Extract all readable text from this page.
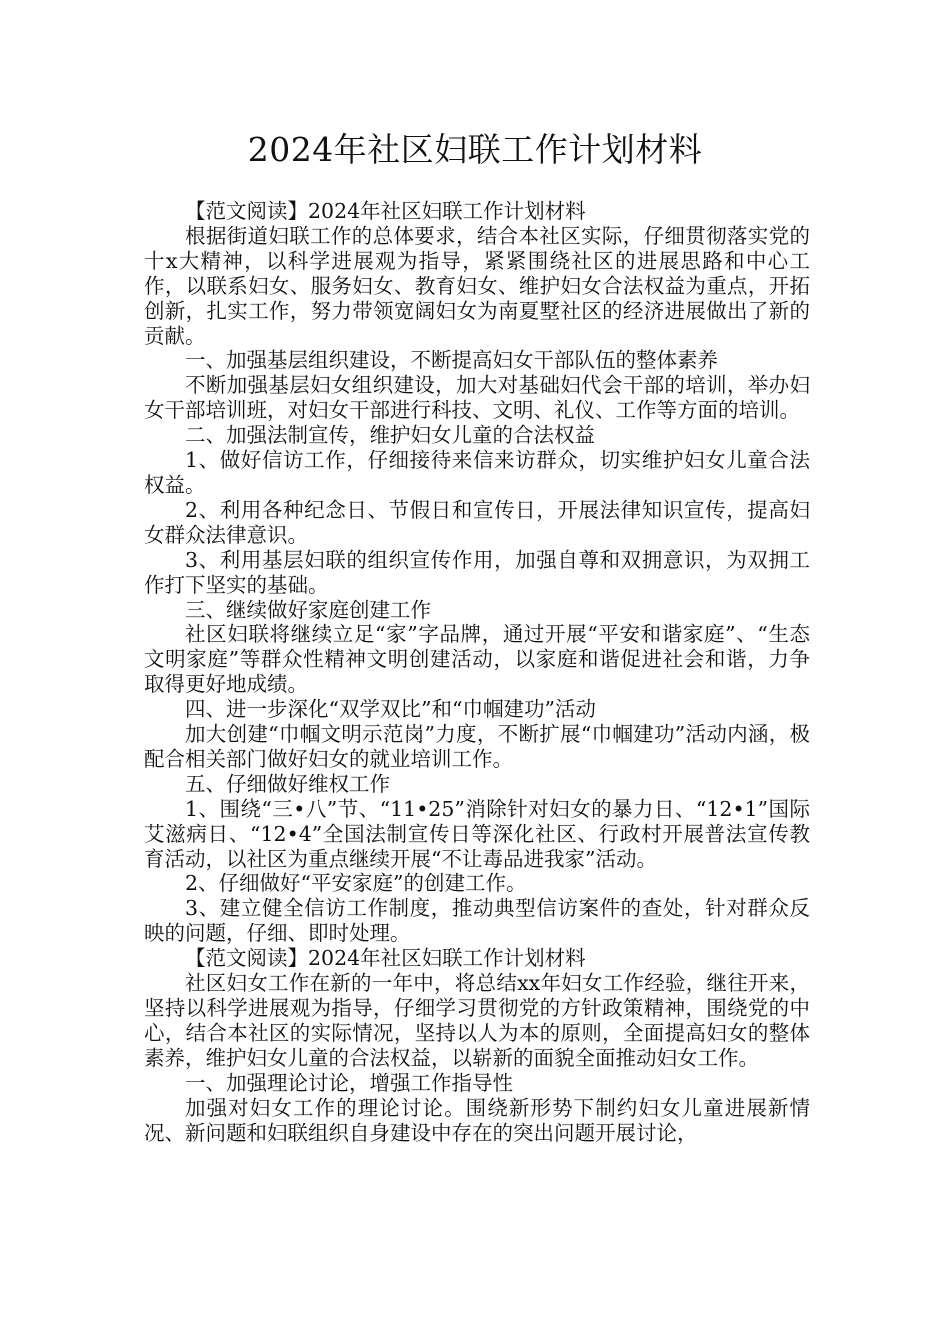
2024年社区妇联工作计划材料

【范文阅读】2024年社区妇联工作计划材料

根据街道妇联工作的总体要求，结合本社区实际，仔细贯彻落实党的十x大精神，以科学进展观为指导，紧紧围绕社区的进展思路和中心工作，以联系妇女、服务妇女、教育妇女、维护妇女合法权益为重点，开拓创新，扎实工作，努力带领宽阔妇女为南夏墅社区的经济进展做出了新的贡献。

一、加强基层组织建设，不断提高妇女干部队伍的整体素养

不断加强基层妇女组织建设，加大对基础妇代会干部的培训，举办妇女干部培训班，对妇女干部进行科技、文明、礼仪、工作等方面的培训。

二、加强法制宣传，维护妇女儿童的合法权益

1、做好信访工作，仔细接待来信来访群众，切实维护妇女儿童合法权益。

2、利用各种纪念日、节假日和宣传日，开展法律知识宣传，提高妇女群众法律意识。

3、利用基层妇联的组织宣传作用，加强自尊和双拥意识，为双拥工作打下坚实的基础。

三、继续做好家庭创建工作

社区妇联将继续立足“家”字品牌，通过开展“平安和谐家庭”、“生态文明家庭”等群众性精神文明创建活动，以家庭和谐促进社会和谐，力争取得更好地成绩。

四、进一步深化“双学双比”和“巾帼建功”活动

加大创建“巾帼文明示范岗”力度，不断扩展“巾帼建功”活动内涵，极配合相关部门做好妇女的就业培训工作。

五、仔细做好维权工作

1、围绕“三•八”节、“11•25”消除针对妇女的暴力日、“12•1”国际艾滋病日、“12•4”全国法制宣传日等深化社区、行政村开展普法宣传教育活动，以社区为重点继续开展“不让毒品进我家”活动。

2、仔细做好“平安家庭”的创建工作。

3、建立健全信访工作制度，推动典型信访案件的查处，针对群众反映的问题，仔细、即时处理。

【范文阅读】2024年社区妇联工作计划材料

社区妇女工作在新的一年中，将总结xx年妇女工作经验，继往开来，坚持以科学进展观为指导，仔细学习贯彻党的方针政策精神，围绕党的中心，结合本社区的实际情况，坚持以人为本的原则，全面提高妇女的整体素养，维护妇女儿童的合法权益，以崭新的面貌全面推动妇女工作。

一、加强理论讨论，增强工作指导性

加强对妇女工作的理论讨论。围绕新形势下制约妇女儿童进展新情况、新问题和妇联组织自身建设中存在的突出问题开展讨论，
